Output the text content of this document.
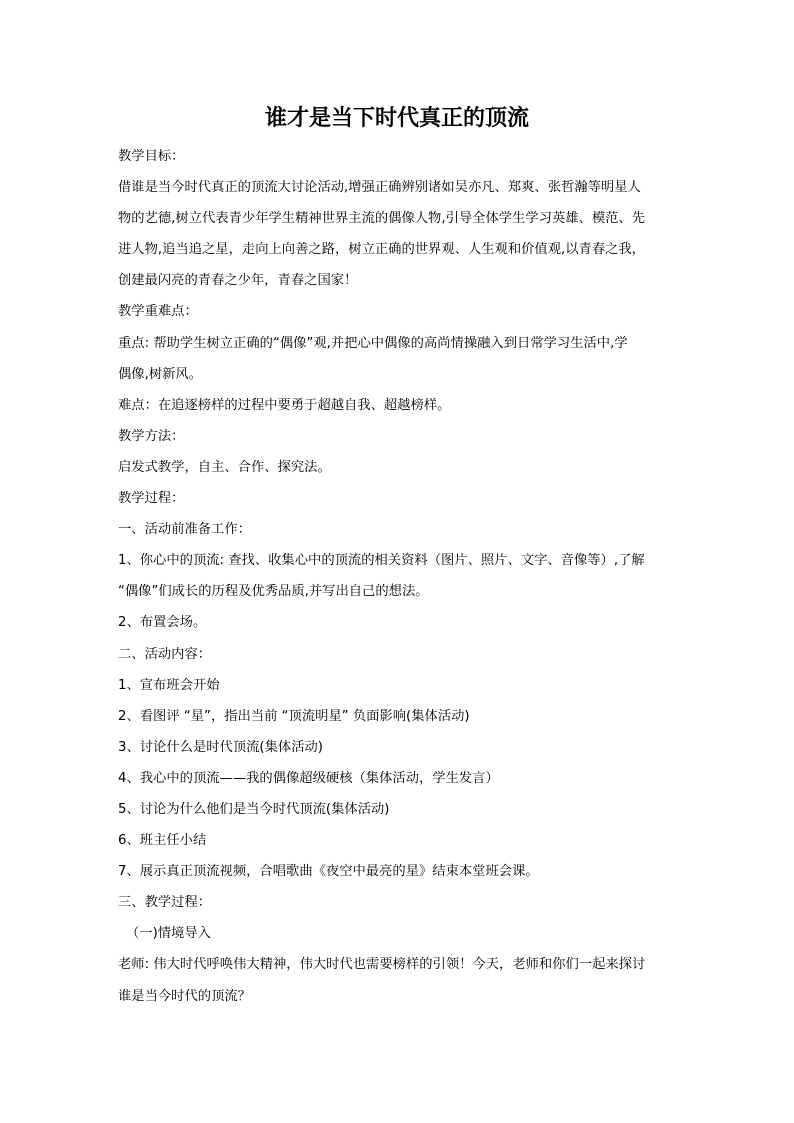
谁才是当下时代真正的顶流
教学目标：
借谁是当今时代真正的顶流大讨论活动,增强正确辨别诸如吴亦凡、郑爽、张哲瀚等明星人
物的艺德,树立代表青少年学生精神世界主流的偶像人物,引导全体学生学习英雄、模范、先
进人物,追当追之星，走向上向善之路，树立正确的世界观、人生观和价值观,以青春之我，
创建最闪亮的青春之少年，青春之国家！
教学重难点：
重点: 帮助学生树立正确的“偶像”观,并把心中偶像的高尚情操融入到日常学习生活中,学
偶像,树新风。
难点：在追逐榜样的过程中要勇于超越自我、超越榜样。
教学方法：
启发式教学，自主、合作、探究法。
教学过程：
一、活动前准备工作：
1、你心中的顶流: 查找、收集心中的顶流的相关资料（图片、照片、文字、音像等）,了解
“偶像”们成长的历程及优秀品质,并写出自己的想法。
2、布置会场。
二、活动内容：
1、宣布班会开始
2、看图评 “星”，指出当前 “顶流明星” 负面影响(集体活动)
3、讨论什么是时代顶流(集体活动)
4、我心中的顶流——我的偶像超级硬核（集体活动，学生发言）
5、讨论为什么他们是当今时代顶流(集体活动)
6、班主任小结
7、展示真正顶流视频，合唱歌曲《夜空中最亮的星》结束本堂班会课。
三、教学过程：
（一)情境导入
老师: 伟大时代呼唤伟大精神，伟大时代也需要榜样的引领！今天，老师和你们一起来探讨
谁是当今时代的顶流？
